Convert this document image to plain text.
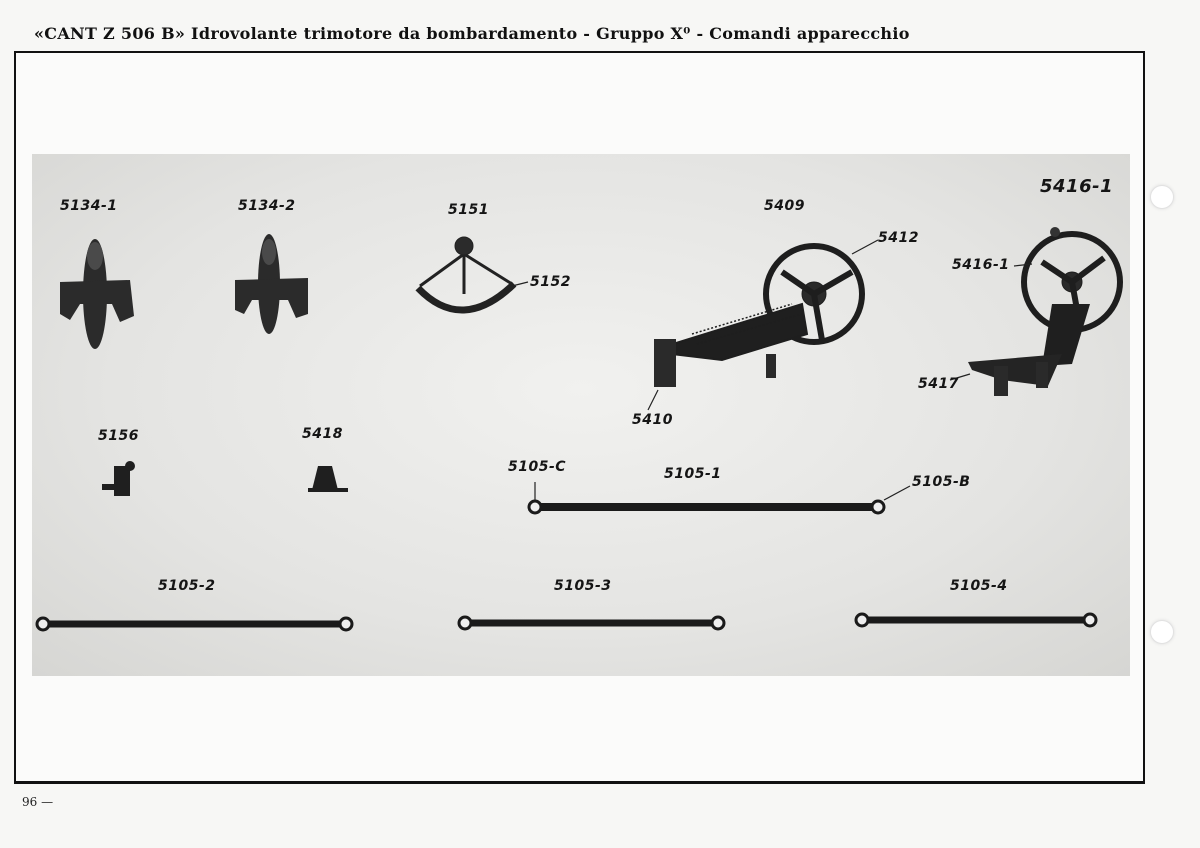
«CANT Z 506 B» Idrovolante trimotore da bombardamento - Gruppo X⁰ - Comandi apparecchio
5134-1	5134-2	5151
5152
5409
5412
5410
5416-1
5416-1
5417
5156	5418
5105-C	5105-1	5105-B
5105-2	5105-3	5105-4
96 —
